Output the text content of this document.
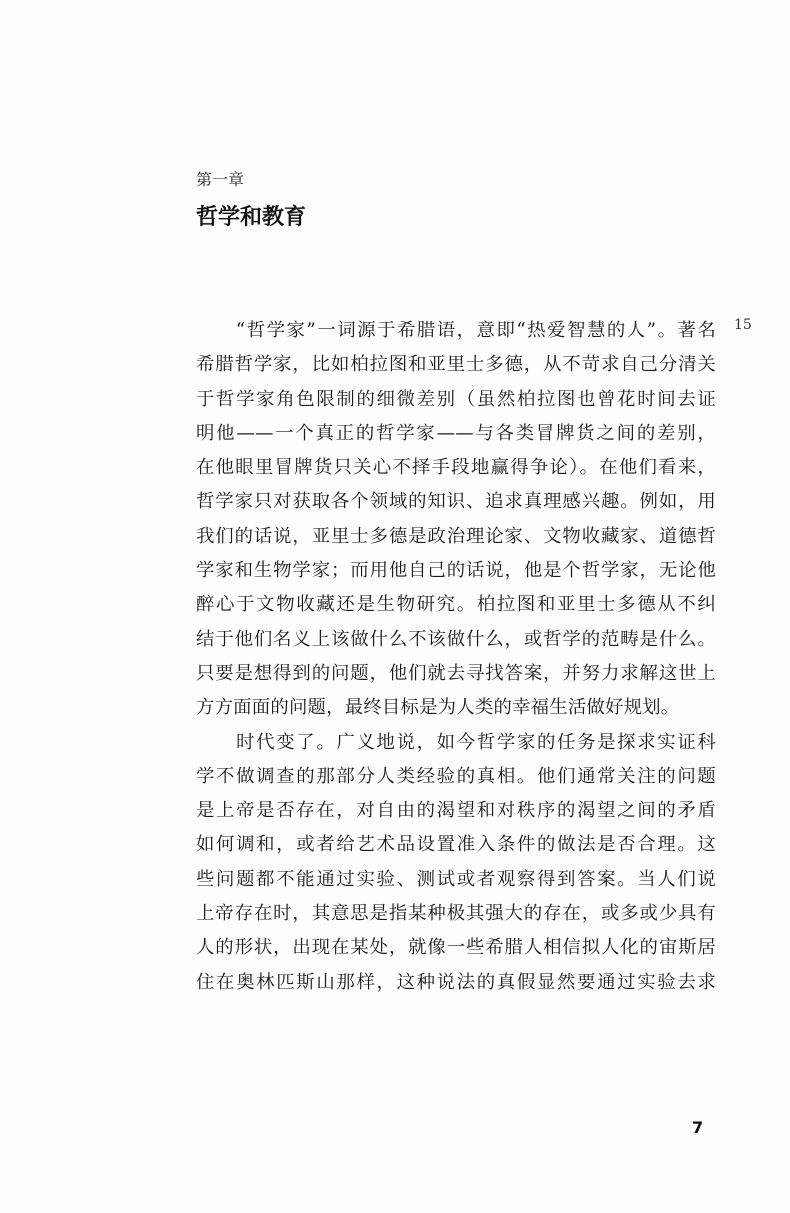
第一章
哲学和教育
15
　　“哲学家”一词源于希腊语，意即“热爱智慧的人”。著名
希腊哲学家，比如柏拉图和亚里士多德，从不苛求自己分清关
于哲学家角色限制的细微差别（虽然柏拉图也曾花时间去证
明他——一个真正的哲学家——与各类冒牌货之间的差别，
在他眼里冒牌货只关心不择手段地赢得争论）。在他们看来，
哲学家只对获取各个领域的知识、追求真理感兴趣。例如，用
我们的话说，亚里士多德是政治理论家、文物收藏家、道德哲
学家和生物学家；而用他自己的话说，他是个哲学家，无论他
醉心于文物收藏还是生物研究。柏拉图和亚里士多德从不纠
结于他们名义上该做什么不该做什么，或哲学的范畴是什么。
只要是想得到的问题，他们就去寻找答案，并努力求解这世上
方方面面的问题，最终目标是为人类的幸福生活做好规划。
　　时代变了。广义地说，如今哲学家的任务是探求实证科
学不做调查的那部分人类经验的真相。他们通常关注的问题
是上帝是否存在，对自由的渴望和对秩序的渴望之间的矛盾
如何调和，或者给艺术品设置准入条件的做法是否合理。这
些问题都不能通过实验、测试或者观察得到答案。当人们说
上帝存在时，其意思是指某种极其强大的存在，或多或少具有
人的形状，出现在某处，就像一些希腊人相信拟人化的宙斯居
住在奥林匹斯山那样，这种说法的真假显然要通过实验去求
7
